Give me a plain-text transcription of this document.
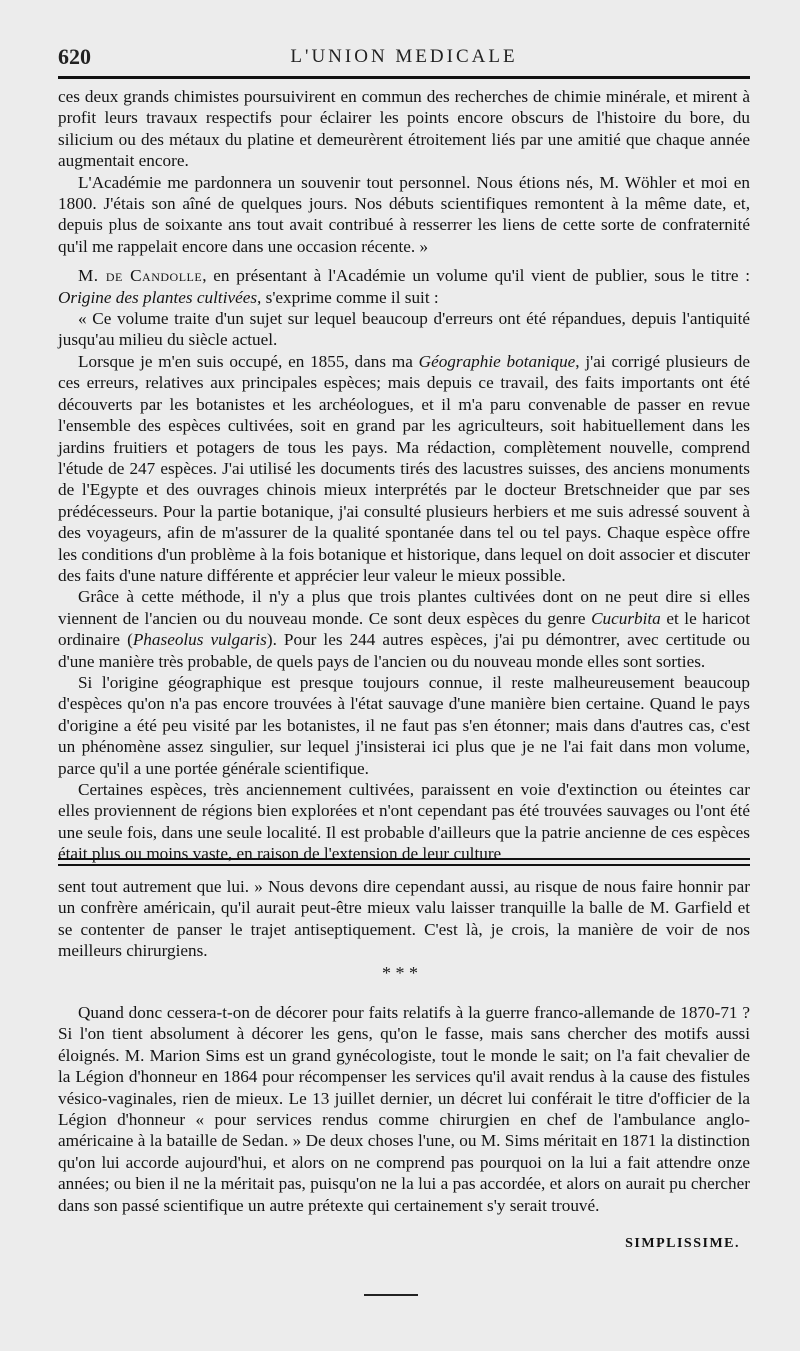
620	L'UNION MEDICALE

ces deux grands chimistes poursuivirent en commun des recherches de chimie minérale, et mirent à profit leurs travaux respectifs pour éclairer les points encore obscurs de l'histoire du bore, du silicium ou des métaux du platine et demeurèrent étroitement liés par une amitié que chaque année augmentait encore.

L'Académie me pardonnera un souvenir tout personnel. Nous étions nés, M. Wöhler et moi en 1800. J'étais son aîné de quelques jours. Nos débuts scientifiques remontent à la même date, et, depuis plus de soixante ans tout avait contribué à resserrer les liens de cette sorte de confraternité qu'il me rappelait encore dans une occasion récente. »

M. de Candolle, en présentant à l'Académie un volume qu'il vient de publier, sous le titre : Origine des plantes cultivées, s'exprime comme il suit :

« Ce volume traite d'un sujet sur lequel beaucoup d'erreurs ont été répandues, depuis l'antiquité jusqu'au milieu du siècle actuel.

Lorsque je m'en suis occupé, en 1855, dans ma Géographie botanique, j'ai corrigé plusieurs de ces erreurs, relatives aux principales espèces; mais depuis ce travail, des faits importants ont été découverts par les botanistes et les archéologues, et il m'a paru convenable de passer en revue l'ensemble des espèces cultivées, soit en grand par les agriculteurs, soit habituellement dans les jardins fruitiers et potagers de tous les pays. Ma rédaction, complètement nouvelle, comprend l'étude de 247 espèces. J'ai utilisé les documents tirés des lacustres suisses, des anciens monuments de l'Egypte et des ouvrages chinois mieux interprétés par le docteur Bretschneider que par ses prédécesseurs. Pour la partie botanique, j'ai consulté plusieurs herbiers et me suis adressé souvent à des voyageurs, afin de m'assurer de la qualité spontanée dans tel ou tel pays. Chaque espèce offre les conditions d'un problème à la fois botanique et historique, dans lequel on doit associer et discuter des faits d'une nature différente et apprécier leur valeur le mieux possible.

Grâce à cette méthode, il n'y a plus que trois plantes cultivées dont on ne peut dire si elles viennent de l'ancien ou du nouveau monde. Ce sont deux espèces du genre Cucurbita et le haricot ordinaire (Phaseolus vulgaris). Pour les 244 autres espèces, j'ai pu démontrer, avec certitude ou d'une manière très probable, de quels pays de l'ancien ou du nouveau monde elles sont sorties.

Si l'origine géographique est presque toujours connue, il reste malheureusement beaucoup d'espèces qu'on n'a pas encore trouvées à l'état sauvage d'une manière bien certaine. Quand le pays d'origine a été peu visité par les botanistes, il ne faut pas s'en étonner; mais dans d'autres cas, c'est un phénomène assez singulier, sur lequel j'insisterai ici plus que je ne l'ai fait dans mon volume, parce qu'il a une portée générale scientifique.

Certaines espèces, très anciennement cultivées, paraissent en voie d'extinction ou éteintes car elles proviennent de régions bien explorées et n'ont cependant pas été trouvées sauvages ou l'ont été une seule fois, dans une seule localité. Il est probable d'ailleurs que la patrie ancienne de ces espèces était plus ou moins vaste, en raison de l'extension de leur culture

sent tout autrement que lui. » Nous devons dire cependant aussi, au risque de nous faire honnir par un confrère américain, qu'il aurait peut-être mieux valu laisser tranquille la balle de M. Garfield et se contenter de panser le trajet antiseptiquement. C'est là, je crois, la manière de voir de nos meilleurs chirurgiens.

* * *

Quand donc cessera-t-on de décorer pour faits relatifs à la guerre franco-allemande de 1870-71 ? Si l'on tient absolument à décorer les gens, qu'on le fasse, mais sans chercher des motifs aussi éloignés. M. Marion Sims est un grand gynécologiste, tout le monde le sait; on l'a fait chevalier de la Légion d'honneur en 1864 pour récompenser les services qu'il avait rendus à la cause des fistules vésico-vaginales, rien de mieux. Le 13 juillet dernier, un décret lui conférait le titre d'officier de la Légion d'honneur « pour services rendus comme chirurgien en chef de l'ambulance anglo-américaine à la bataille de Sedan. » De deux choses l'une, ou M. Sims méritait en 1871 la distinction qu'on lui accorde aujourd'hui, et alors on ne comprend pas pourquoi on la lui a fait attendre onze années; ou bien il ne la méritait pas, puisqu'on ne la lui a pas accordée, et alors on aurait pu chercher dans son passé scientifique un autre prétexte qui certainement s'y serait trouvé.

SIMPLISSIME.
